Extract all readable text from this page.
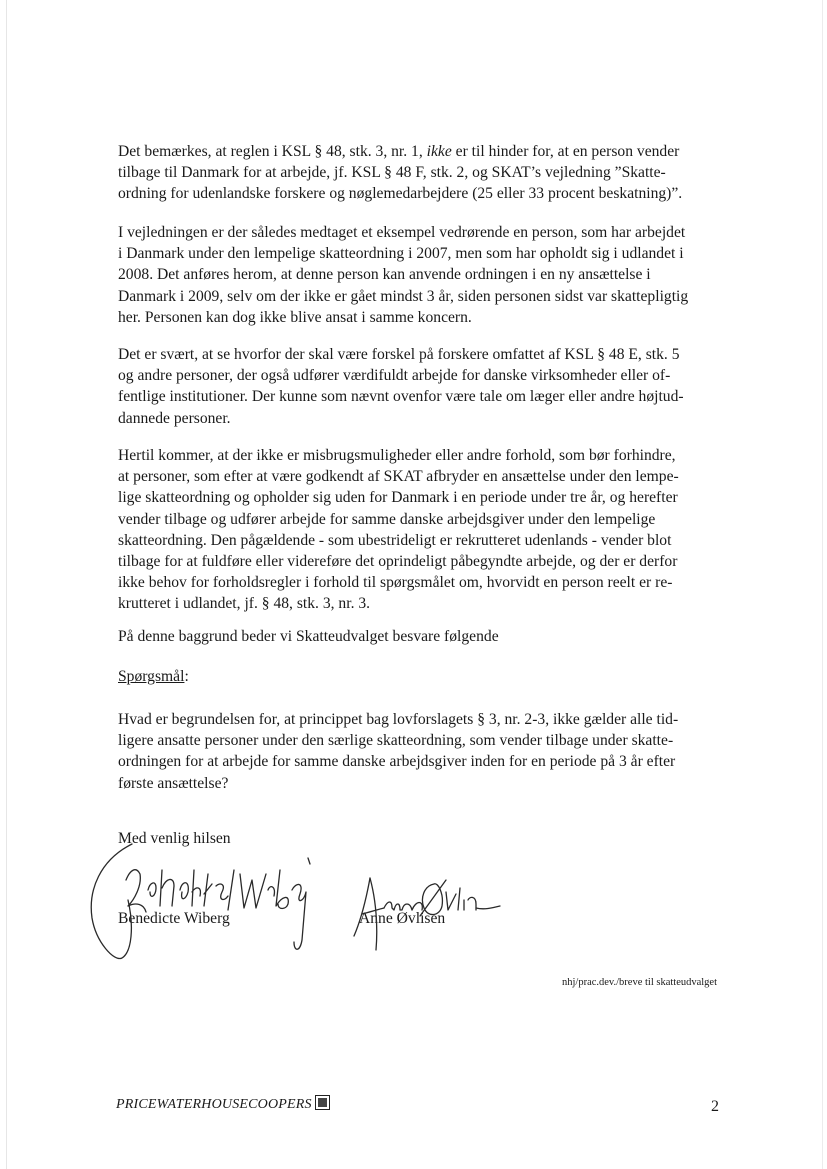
Det bemærkes, at reglen i KSL § 48, stk. 3, nr. 1, ikke er til hinder for, at en person vender
tilbage til Danmark for at arbejde, jf. KSL § 48 F, stk. 2, og SKAT’s vejledning ”Skatte-
ordning for udenlandske forskere og nøglemedarbejdere (25 eller 33 procent beskatning)”.

I vejledningen er der således medtaget et eksempel vedrørende en person, som har arbejdet
i Danmark under den lempelige skatteordning i 2007, men som har opholdt sig i udlandet i
2008. Det anføres herom, at denne person kan anvende ordningen i en ny ansættelse i
Danmark i 2009, selv om der ikke er gået mindst 3 år, siden personen sidst var skattepligtig
her. Personen kan dog ikke blive ansat i samme koncern.

Det er svært, at se hvorfor der skal være forskel på forskere omfattet af KSL § 48 E, stk. 5
og andre personer, der også udfører værdifuldt arbejde for danske virksomheder eller of-
fentlige institutioner. Der kunne som nævnt ovenfor være tale om læger eller andre højtud-
dannede personer.

Hertil kommer, at der ikke er misbrugsmuligheder eller andre forhold, som bør forhindre,
at personer, som efter at være godkendt af SKAT afbryder en ansættelse under den lempe-
lige skatteordning og opholder sig uden for Danmark i en periode under tre år, og herefter
vender tilbage og udfører arbejde for samme danske arbejdsgiver under den lempelige
skatteordning. Den pågældende - som ubestrideligt er rekrutteret udenlands - vender blot
tilbage for at fuldføre eller videreføre det oprindeligt påbegyndte arbejde, og der er derfor
ikke behov for forholdsregler i forhold til spørgsmålet om, hvorvidt en person reelt er re-
krutteret i udlandet, jf. § 48, stk. 3, nr. 3.

På denne baggrund beder vi Skatteudvalget besvare følgende

Spørgsmål:

Hvad er begrundelsen for, at princippet bag lovforslagets § 3, nr. 2-3, ikke gælder alle tid-
ligere ansatte personer under den særlige skatteordning, som vender tilbage under skatte-
ordningen for at arbejde for samme danske arbejdsgiver inden for en periode på 3 år efter
første ansættelse?

Med venlig hilsen
Benedicte Wiberg	Anne Øvlisen
nhj/prac.dev./breve til skatteudvalget
PRICEWATERHOUSECOOPERS	2
